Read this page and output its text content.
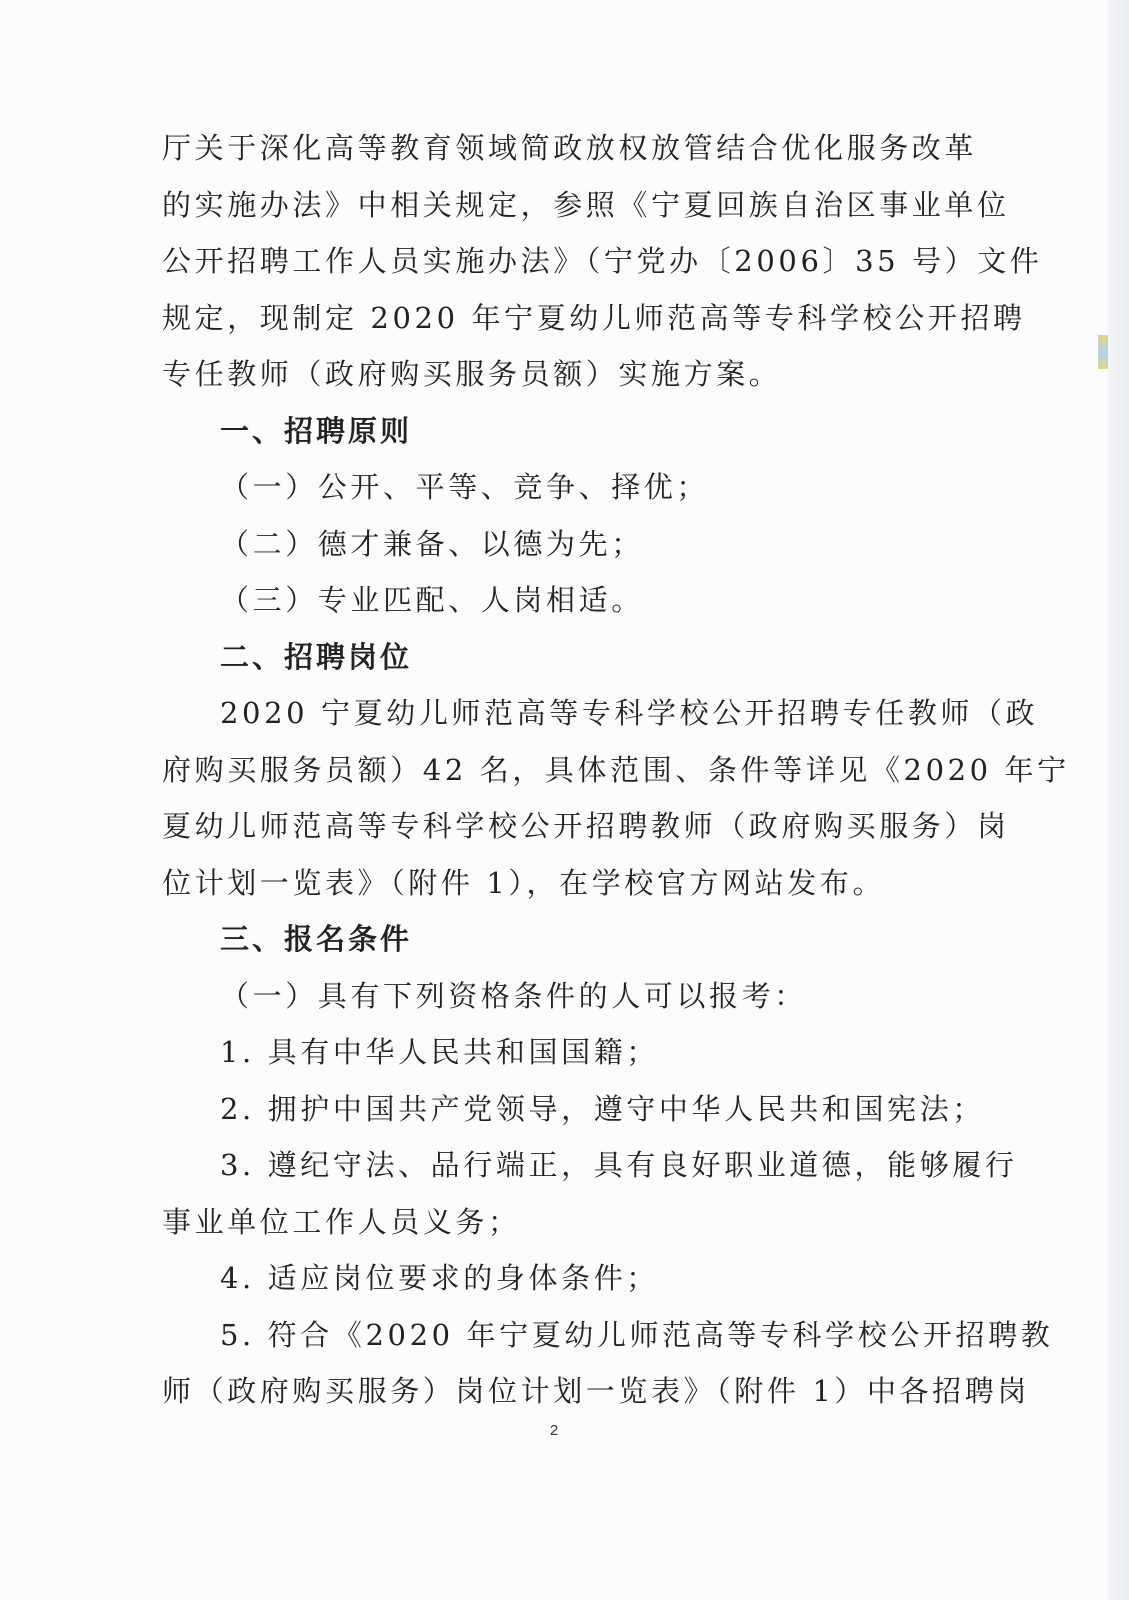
厅关于深化高等教育领域简政放权放管结合优化服务改革
的实施办法》中相关规定，参照《宁夏回族自治区事业单位
公开招聘工作人员实施办法》（宁党办〔2006〕35 号）文件
规定，现制定 2020 年宁夏幼儿师范高等专科学校公开招聘
专任教师（政府购买服务员额）实施方案。
一、招聘原则
（一）公开、平等、竞争、择优；
（二）德才兼备、以德为先；
（三）专业匹配、人岗相适。
二、招聘岗位
2020 宁夏幼儿师范高等专科学校公开招聘专任教师（政
府购买服务员额）42 名，具体范围、条件等详见《2020 年宁
夏幼儿师范高等专科学校公开招聘教师（政府购买服务）岗
位计划一览表》（附件 1），在学校官方网站发布。
三、报名条件
（一）具有下列资格条件的人可以报考：
1. 具有中华人民共和国国籍；
2. 拥护中国共产党领导，遵守中华人民共和国宪法；
3. 遵纪守法、品行端正，具有良好职业道德，能够履行
事业单位工作人员义务；
4. 适应岗位要求的身体条件；
5. 符合《2020 年宁夏幼儿师范高等专科学校公开招聘教
师（政府购买服务）岗位计划一览表》（附件 1）中各招聘岗
2
